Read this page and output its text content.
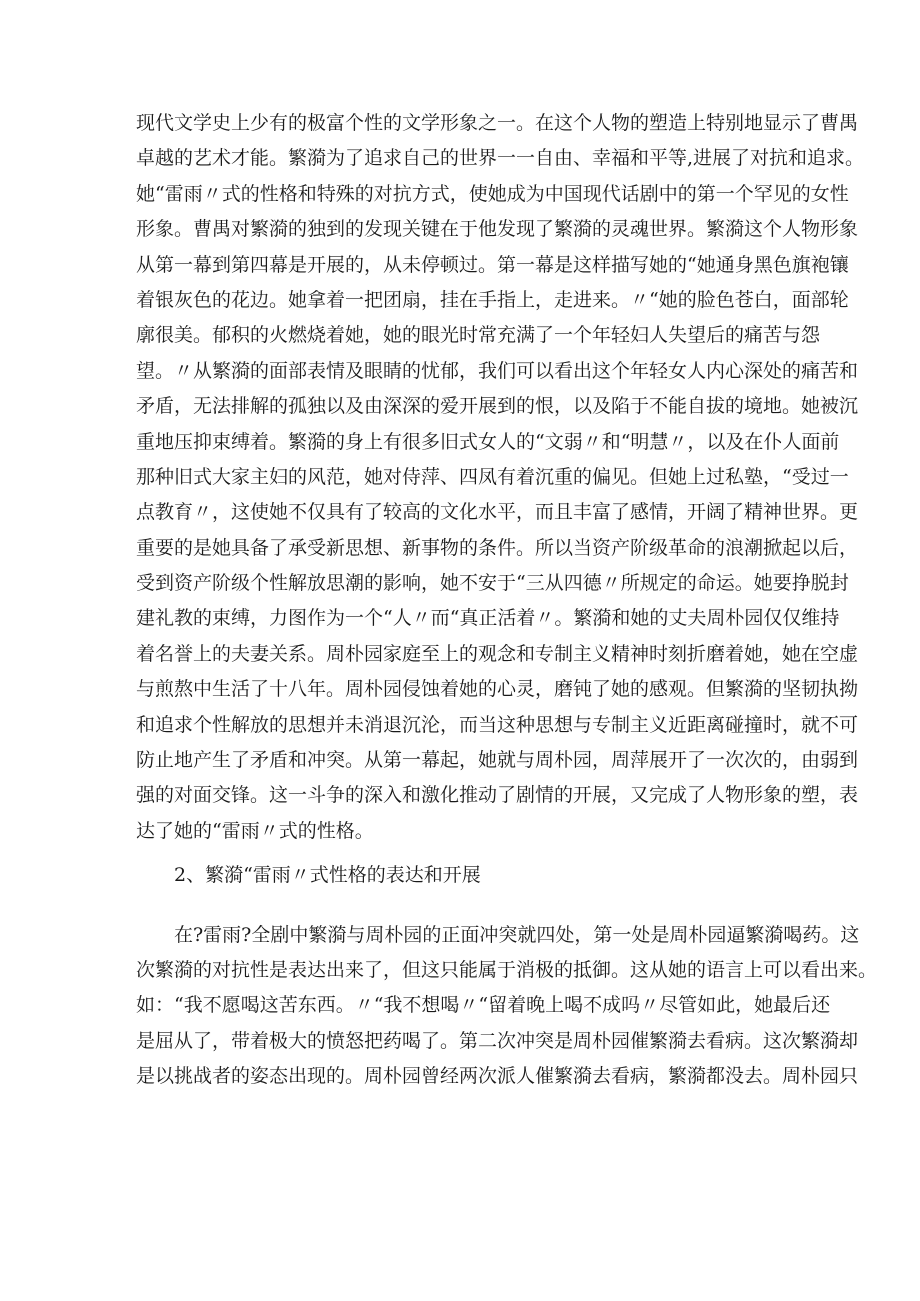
现代文学史上少有的极富个性的文学形象之一。在这个人物的塑造上特别地显示了曹禺
卓越的艺术才能。繁漪为了追求自己的世界一一自由、幸福和平等,进展了对抗和追求。
她“雷雨〃式的性格和特殊的对抗方式，使她成为中国现代话剧中的第一个罕见的女性
形象。曹禺对繁漪的独到的发现关键在于他发现了繁漪的灵魂世界。繁漪这个人物形象
从第一幕到第四幕是开展的，从未停顿过。第一幕是这样描写她的“她通身黑色旗袍镶
着银灰色的花边。她拿着一把团扇，挂在手指上，走进来。〃“她的脸色苍白，面部轮
廓很美。郁积的火燃烧着她，她的眼光时常充满了一个年轻妇人失望后的痛苦与怨
望。〃从繁漪的面部表情及眼睛的忧郁，我们可以看出这个年轻女人内心深处的痛苦和
矛盾，无法排解的孤独以及由深深的爱开展到的恨，以及陷于不能自拔的境地。她被沉
重地压抑束缚着。繁漪的身上有很多旧式女人的“文弱〃和“明慧〃，以及在仆人面前
那种旧式大家主妇的风范，她对侍萍、四凤有着沉重的偏见。但她上过私塾，“受过一
点教育〃，这使她不仅具有了较高的文化水平，而且丰富了感情，开阔了精神世界。更
重要的是她具备了承受新思想、新事物的条件。所以当资产阶级革命的浪潮掀起以后，
受到资产阶级个性解放思潮的影响，她不安于“三从四德〃所规定的命运。她要挣脱封
建礼教的束缚，力图作为一个“人〃而“真正活着〃。繁漪和她的丈夫周朴园仅仅维持
着名誉上的夫妻关系。周朴园家庭至上的观念和专制主义精神时刻折磨着她，她在空虚
与煎熬中生活了十八年。周朴园侵蚀着她的心灵，磨钝了她的感观。但繁漪的坚韧执拗
和追求个性解放的思想并未消退沉沦，而当这种思想与专制主义近距离碰撞时，就不可
防止地产生了矛盾和冲突。从第一幕起，她就与周朴园，周萍展开了一次次的，由弱到
强的对面交锋。这一斗争的深入和激化推动了剧情的开展，又完成了人物形象的塑，表
达了她的“雷雨〃式的性格。
2、繁漪“雷雨〃式性格的表达和开展
在?雷雨?全剧中繁漪与周朴园的正面冲突就四处，第一处是周朴园逼繁漪喝药。这
次繁漪的对抗性是表达出来了，但这只能属于消极的抵御。这从她的语言上可以看出来。
如：“我不愿喝这苦东西。〃“我不想喝〃“留着晚上喝不成吗〃尽管如此，她最后还
是屈从了，带着极大的愤怒把药喝了。第二次冲突是周朴园催繁漪去看病。这次繁漪却
是以挑战者的姿态出现的。周朴园曾经两次派人催繁漪去看病，繁漪都没去。周朴园只
